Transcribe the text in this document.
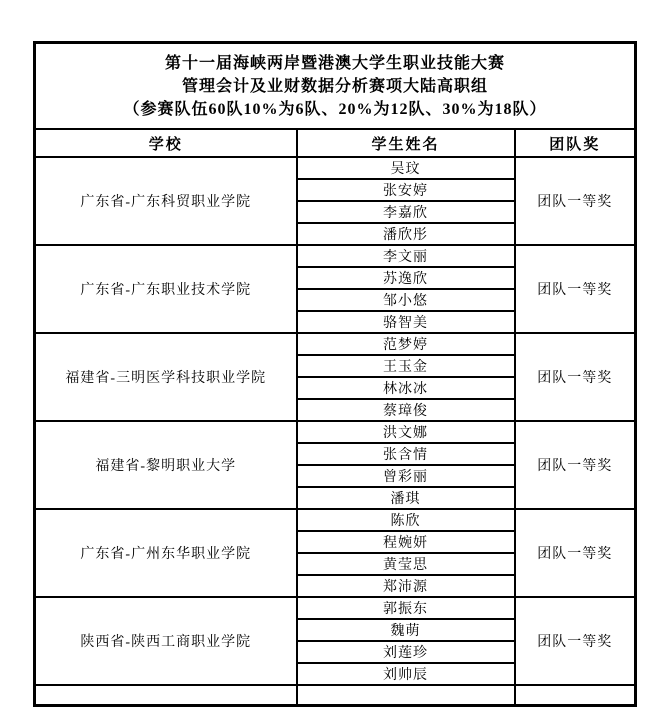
第十一届海峡两岸暨港澳大学生职业技能大赛
管理会计及业财数据分析赛项大陆高职组
（参赛队伍60队10%为6队、20%为12队、30%为18队）		

学校	学生姓名	团队奖
广东省-广东科贸职业学院	吴玟	团队一等奖
	张安婷	
	李嘉欣	
	潘欣彤	
广东省-广东职业技术学院	李文丽	团队一等奖
	苏逸欣	
	邹小悠	
	骆智美	
福建省-三明医学科技职业学院	范梦婷	团队一等奖
	王玉金	
	林冰冰	
	蔡璋俊	
福建省-黎明职业大学	洪文娜	团队一等奖
	张含情	
	曾彩丽	
	潘琪	
广东省-广州东华职业学院	陈欣	团队一等奖
	程婉妍	
	黄莹思	
	郑沛源	
陕西省-陕西工商职业学院	郭振东	团队一等奖
	魏萌	
	刘莲珍	
	刘帅辰	
